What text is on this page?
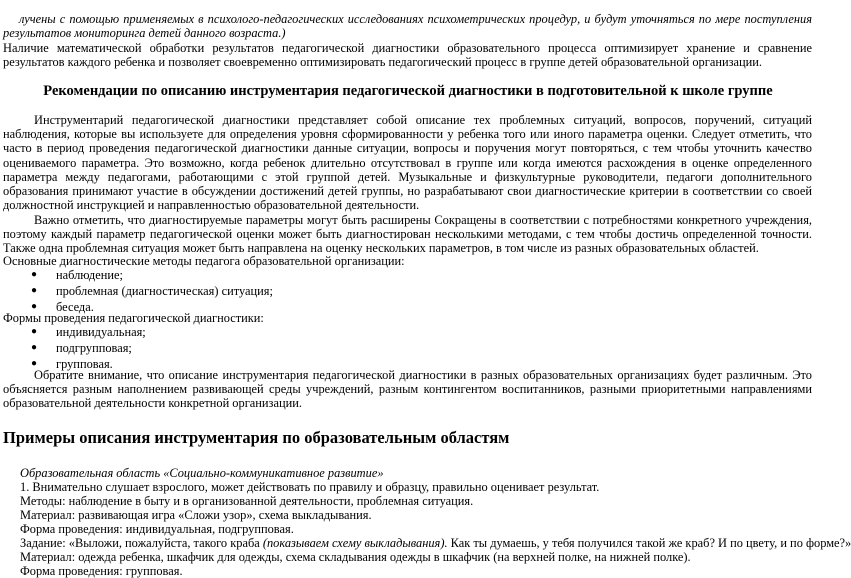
лучены с помощью применяемых в психолого-педагогических исследованиях психометрических процедур, и будут уточняться по мере поступления результатов мониторинга детей данного возраста.)

Наличие математической обработки результатов педагогической диагностики образовательного процесса оптимизирует хранение и сравнение результатов каждого ребенка и позволяет своевременно оптимизировать педагогический процесс в группе детей образовательной организации.

Рекомендации по описанию инструментария педагогической диагностики в подготовительной к школе группе

Инструментарий педагогической диагностики представляет собой описание тех проблемных ситуаций, вопросов, поручений, ситуаций наблюдения, которые вы используете для определения уровня сформированности у ребенка того или иного параметра оценки. Следует отметить, что часто в период проведения педагогической диагностики данные ситуации, вопросы и поручения могут повторяться, с тем чтобы уточнить качество оцениваемого параметра. Это возможно, когда ребенок длительно отсутствовал в группе или когда имеются расхождения в оценке определенного параметра между педагогами, работающими с этой группой детей. Музыкальные и физкультурные руководители, педагоги дополнительного образования принимают участие в обсуждении достижений детей группы, но разрабатывают свои диагностические критерии в соответствии со своей должностной инструкцией и направленностью образовательной деятельности.

Важно отметить, что диагностируемые параметры могут быть расширены Сокращены в соответствии с потребностями конкретного учреждения, поэтому каждый параметр педагогической оценки может быть диагностирован несколькими методами, с тем чтобы достичь определенной точности. Также одна проблемная ситуация может быть направлена на оценку нескольких параметров, в том числе из разных образовательных областей.

Основные диагностические методы педагога образовательной организации:

● наблюдение;
● проблемная (диагностическая) ситуация;
● беседа.

Формы проведения педагогической диагностики:

● индивидуальная;
● подгрупповая;
● групповая.

Обратите внимание, что описание инструментария педагогической диагностики в разных образовательных организациях будет различным. Это объясняется разным наполнением развивающей среды учреждений, разным контингентом воспитанников, разными приоритетными направлениями образовательной деятельности конкретной организации.

Примеры описания инструментария по образовательным областям

Образовательная область «Социально-коммуникативное развитие»

1. Внимательно слушает взрослого, может действовать по правилу и образцу, правильно оценивает результат.

Методы: наблюдение в быту и в организованной деятельности, проблемная ситуация.

Материал: развивающая игра «Сложи узор», схема выкладывания.

Форма проведения: индивидуальная, подгрупповая.

Задание: «Выложи, пожалуйста, такого краба (показываем схему выкладывания). Как ты думаешь, у тебя получился такой же краб? И по цвету, и по форме?»

Материал: одежда ребенка, шкафчик для одежды, схема складывания одежды в шкафчик (на верхней полке, на нижней полке).

Форма проведения: групповая.
